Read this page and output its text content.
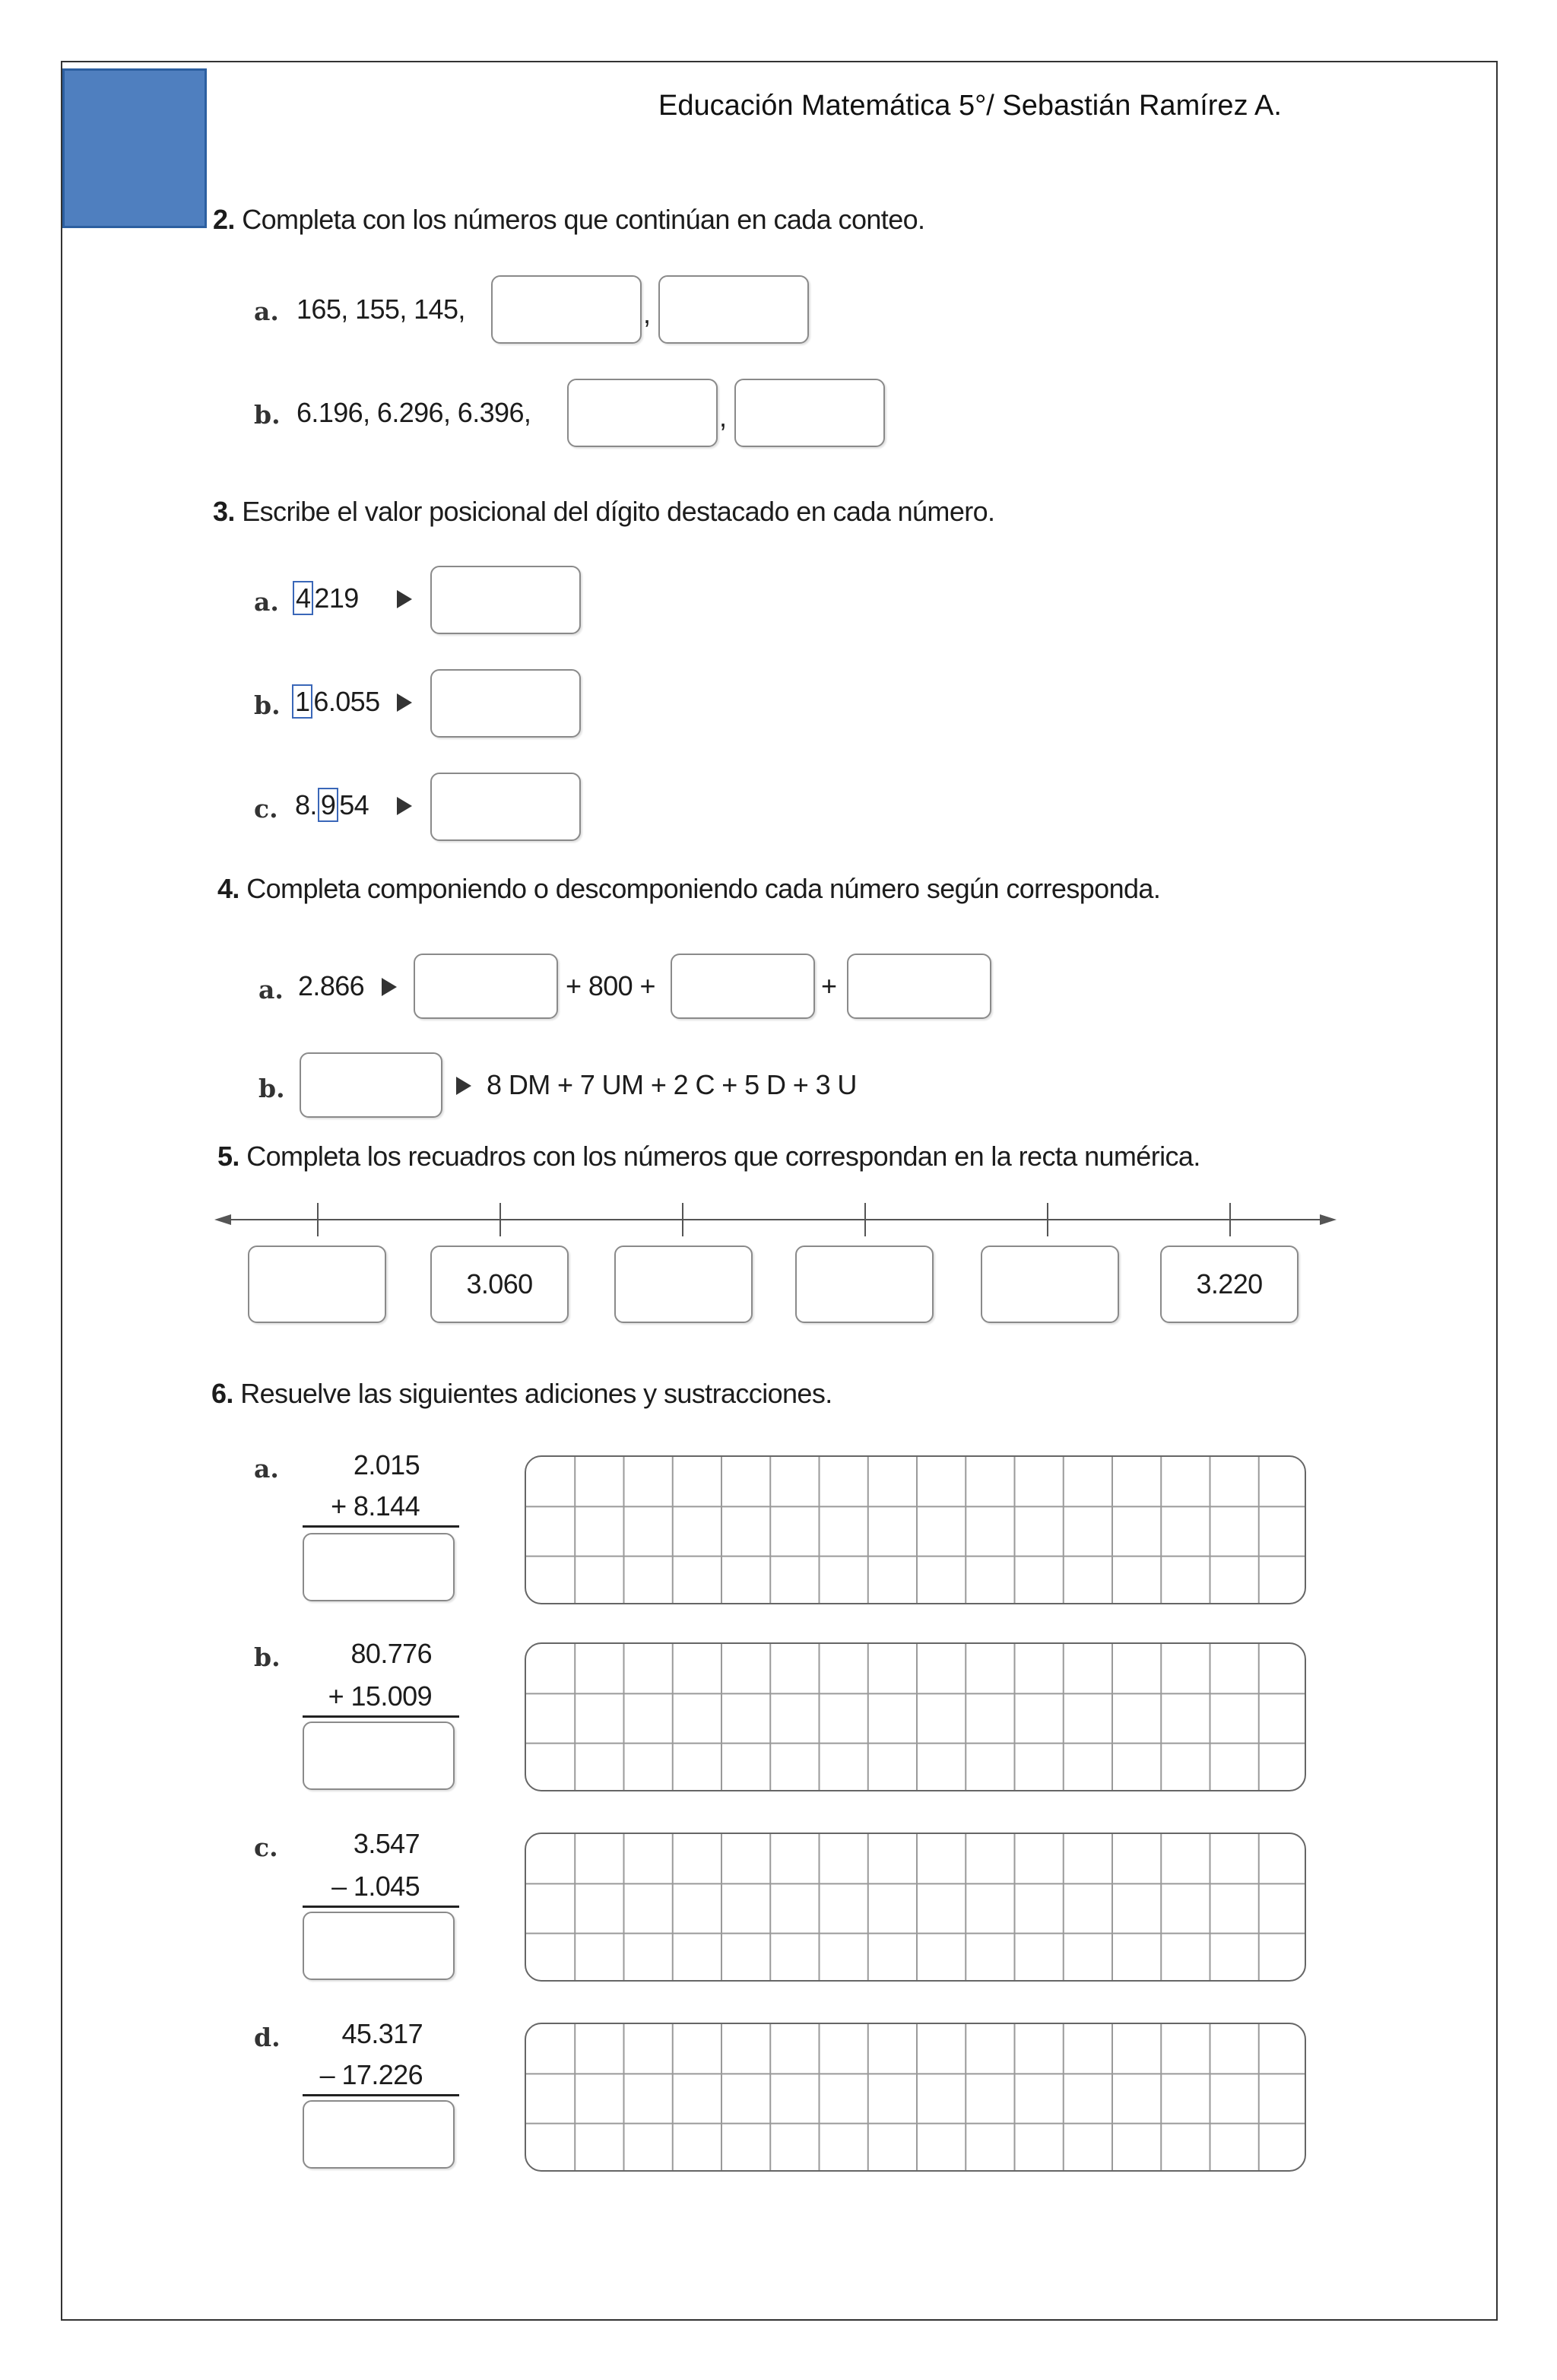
Educación Matemática 5°/ Sebastián Ramírez A.
2. Completa con los números que continúan en cada conteo.
a. 165, 155, 145,	,
b. 6.196, 6.296, 6.396,	,
3. Escribe el valor posicional del dígito destacado en cada número.
a. 4 219
b. 1 6.055
c. 8. 9 54
4. Completa componiendo o descomponiendo cada número según corresponda.
a. 2.866	+ 800 +	+
b.	8 DM + 7 UM + 2 C + 5 D + 3 U
5. Completa los recuadros con los números que correspondan en la recta numérica.
3.060	3.220
6. Resuelve las siguientes adiciones y sustracciones.
a.	2.015
+ 8.144
b.	80.776
+ 15.009
c.	3.547
– 1.045
d.	45.317
– 17.226
